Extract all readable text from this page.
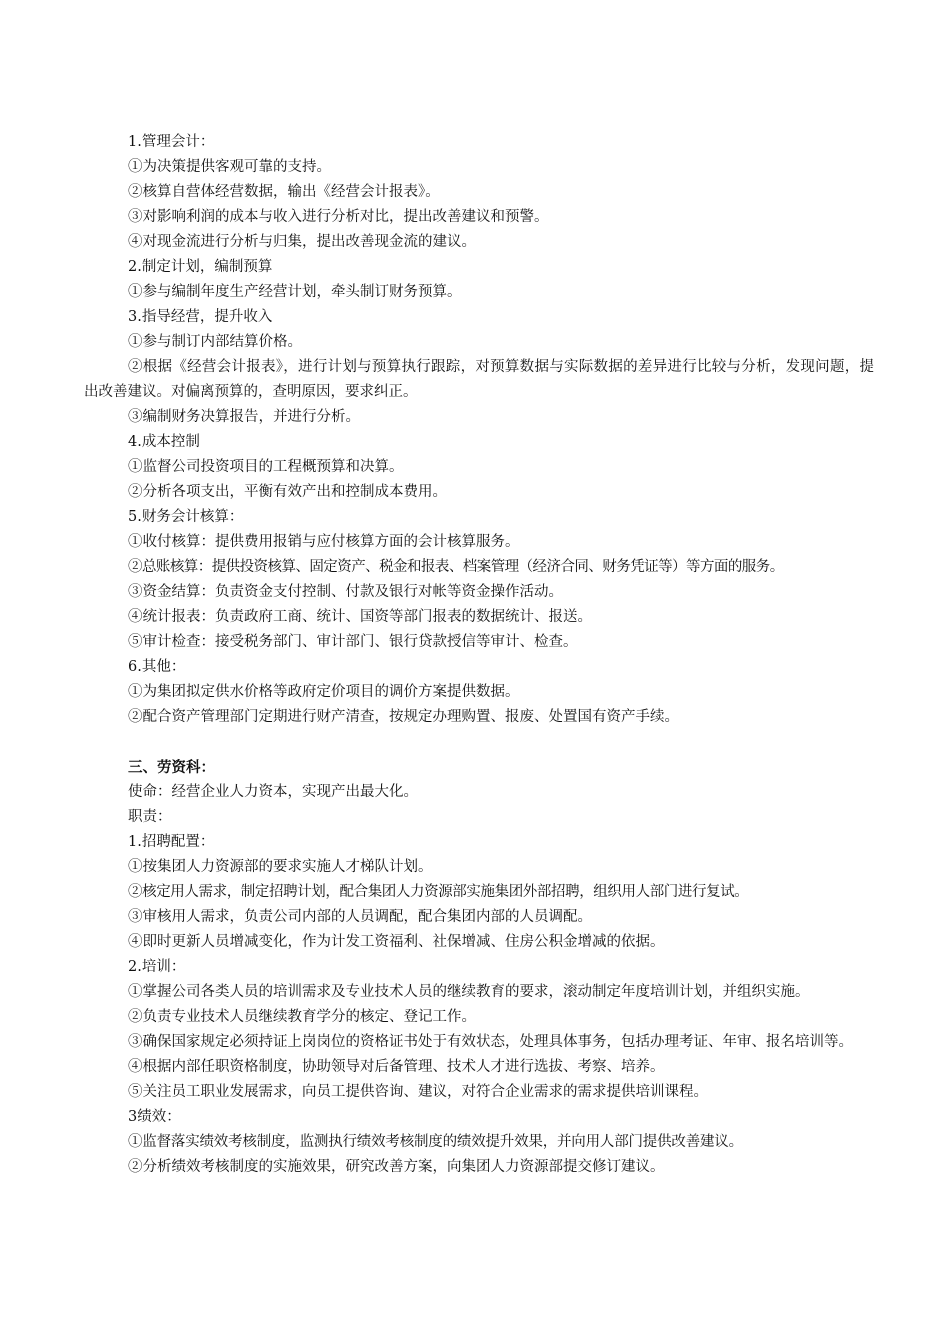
1.管理会计：
①为决策提供客观可靠的支持。
②核算自营体经营数据，输出《经营会计报表》。
③对影响利润的成本与收入进行分析对比，提出改善建议和预警。
④对现金流进行分析与归集，提出改善现金流的建议。
2.制定计划，编制预算
①参与编制年度生产经营计划，牵头制订财务预算。
3.指导经营，提升收入
①参与制订内部结算价格。
②根据《经营会计报表》，进行计划与预算执行跟踪，对预算数据与实际数据的差异进行比较与分析，发现问题，提出改善建议。对偏离预算的，查明原因，要求纠正。
③编制财务决算报告，并进行分析。
4.成本控制
①监督公司投资项目的工程概预算和决算。
②分析各项支出，平衡有效产出和控制成本费用。
5.财务会计核算：
①收付核算：提供费用报销与应付核算方面的会计核算服务。
②总账核算：提供投资核算、固定资产、税金和报表、档案管理（经济合同、财务凭证等）等方面的服务。
③资金结算：负责资金支付控制、付款及银行对帐等资金操作活动。
④统计报表：负责政府工商、统计、国资等部门报表的数据统计、报送。
⑤审计检查：接受税务部门、审计部门、银行贷款授信等审计、检查。
6.其他：
①为集团拟定供水价格等政府定价项目的调价方案提供数据。
②配合资产管理部门定期进行财产清查，按规定办理购置、报废、处置国有资产手续。
三、劳资科：
使命：经营企业人力资本，实现产出最大化。
职责：
1.招聘配置：
①按集团人力资源部的要求实施人才梯队计划。
②核定用人需求，制定招聘计划，配合集团人力资源部实施集团外部招聘，组织用人部门进行复试。
③审核用人需求，负责公司内部的人员调配，配合集团内部的人员调配。
④即时更新人员增减变化，作为计发工资福利、社保增减、住房公积金增减的依据。
2.培训：
①掌握公司各类人员的培训需求及专业技术人员的继续教育的要求，滚动制定年度培训计划，并组织实施。
②负责专业技术人员继续教育学分的核定、登记工作。
③确保国家规定必须持证上岗岗位的资格证书处于有效状态，处理具体事务，包括办理考证、年审、报名培训等。
④根据内部任职资格制度，协助领导对后备管理、技术人才进行选拔、考察、培养。
⑤关注员工职业发展需求，向员工提供咨询、建议，对符合企业需求的需求提供培训课程。
3绩效：
①监督落实绩效考核制度，监测执行绩效考核制度的绩效提升效果，并向用人部门提供改善建议。
②分析绩效考核制度的实施效果，研究改善方案，向集团人力资源部提交修订建议。
